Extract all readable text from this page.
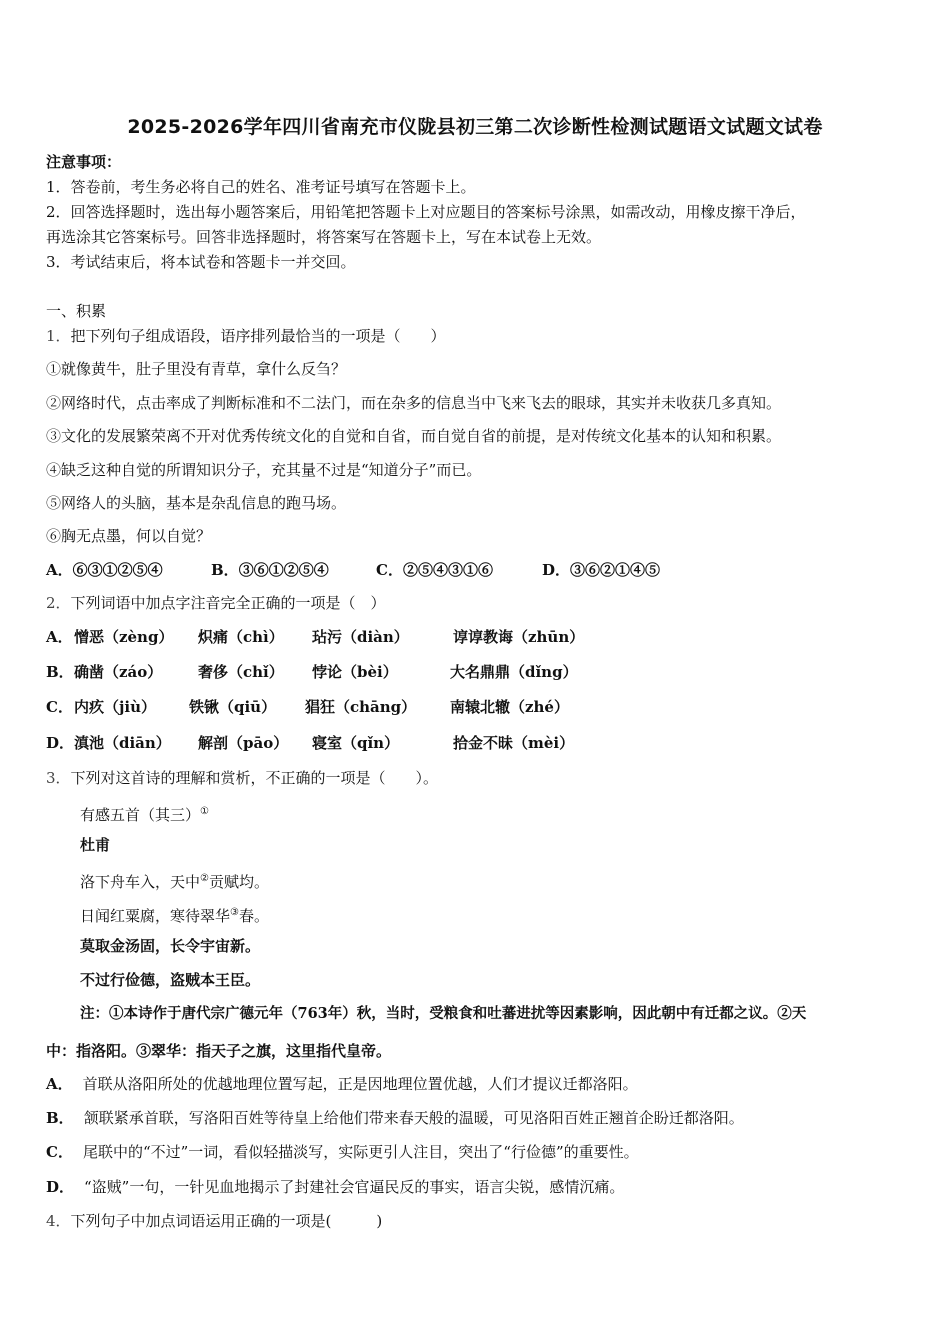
2025-2026学年四川省南充市仪陇县初三第二次诊断性检测试题语文试题文试卷
注意事项：
1．答卷前，考生务必将自己的姓名、准考证号填写在答题卡上。
2．回答选择题时，选出每小题答案后，用铅笔把答题卡上对应题目的答案标号涂黑，如需改动，用橡皮擦干净后，
再选涂其它答案标号。回答非选择题时，将答案写在答题卡上，写在本试卷上无效。
3．考试结束后，将本试卷和答题卡一并交回。
一、积累
1．把下列句子组成语段，语序排列最恰当的一项是（　　）
①就像黄牛，肚子里没有青草，拿什么反刍？
②网络时代，点击率成了判断标准和不二法门，而在杂多的信息当中飞来飞去的眼球，其实并未收获几多真知。
③文化的发展繁荣离不开对优秀传统文化的自觉和自省，而自觉自省的前提，是对传统文化基本的认知和积累。
④缺乏这种自觉的所谓知识分子，充其量不过是“知道分子”而已。
⑤网络人的头脑，基本是杂乱信息的跑马场。
⑥胸无点墨，何以自觉？
A．⑥③①②⑤④	B．③⑥①②⑤④	C．②⑤④③①⑥	D．③⑥②①④⑤
2．下列词语中加点字注音完全正确的一项是（　）
A． 憎恶（zèng） 炽痛（chì） 玷污（diàn）	谆谆教诲（zhūn）
B． 确凿（záo） 奢侈（chǐ） 悖论（bèi）	大名鼎鼎（dǐng）
C． 内疚（jiù） 铁锹（qiū） 猖狂（chāng） 南辕北辙（zhé）
D． 滇池（diān） 解剖（pāo） 寝室（qǐn）	拾金不昧（mèi）
3．下列对这首诗的理解和赏析，不正确的一项是（　　）。
有感五首（其三）①
杜甫
洛下舟车入，天中②贡赋均。
日闻红粟腐，寒待翠华③春。
莫取金汤固，长令宇宙新。
不过行俭德，盗贼本王臣。
注：①本诗作于唐代宗广德元年（763年）秋，当时，受粮食和吐蕃进扰等因素影响，因此朝中有迁都之议。②天
中：指洛阳。③翠华：指天子之旗，这里指代皇帝。
A． 首联从洛阳所处的优越地理位置写起，正是因地理位置优越，人们才提议迁都洛阳。
B． 颔联紧承首联，写洛阳百姓等待皇上给他们带来春天般的温暖，可见洛阳百姓正翘首企盼迁都洛阳。
C． 尾联中的“不过”一词，看似轻描淡写，实际更引人注目，突出了“行俭德”的重要性。
D． “盗贼”一句，一针见血地揭示了封建社会官逼民反的事实，语言尖锐，感情沉痛。
4．下列句子中加点词语运用正确的一项是(　　　)
